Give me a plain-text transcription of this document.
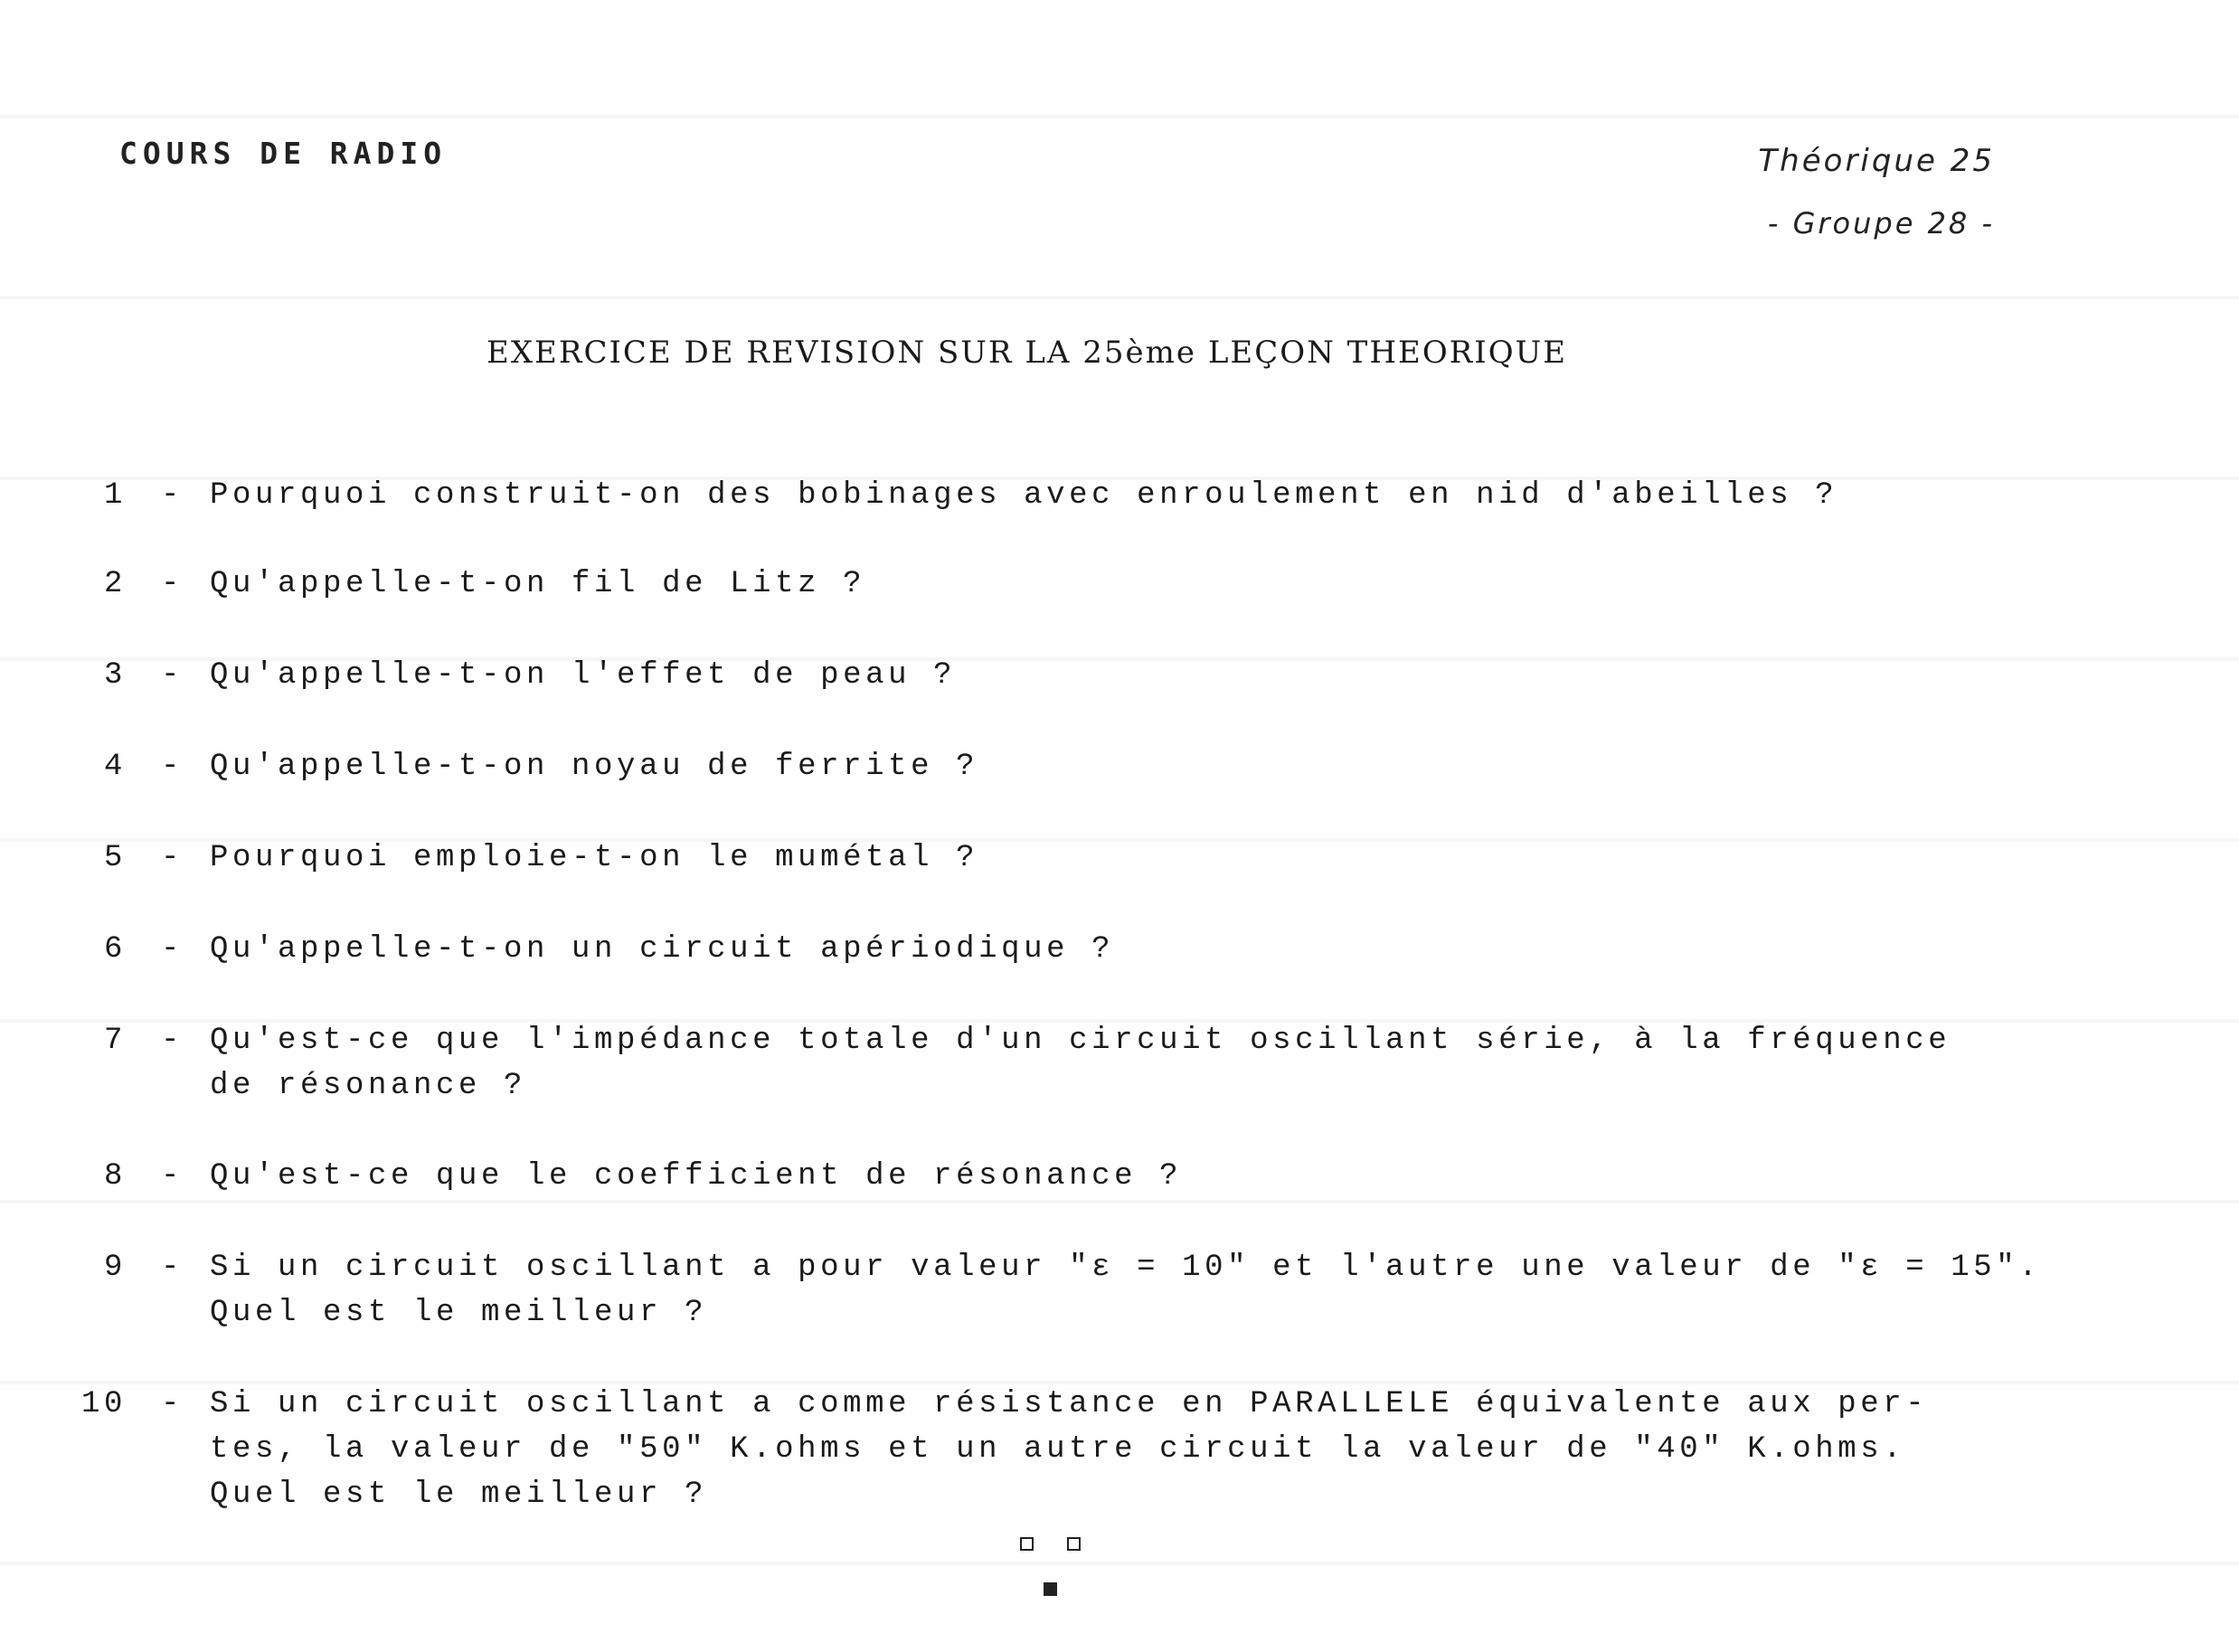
COURS DE RADIO	Théorique 25
- Groupe 28 -
EXERCICE DE REVISION SUR LA 25ème LEÇON THEORIQUE
1 - Pourquoi construit-on des bobinages avec enroulement en nid d'abeilles ?
2 - Qu'appelle-t-on fil de Litz ?
3 - Qu'appelle-t-on l'effet de peau ?
4 - Qu'appelle-t-on noyau de ferrite ?
5 - Pourquoi emploie-t-on le mumétal ?
6 - Qu'appelle-t-on un circuit apériodique ?
7 - Qu'est-ce que l'impédance totale d'un circuit oscillant série, à la fréquence
de résonance ?
8 - Qu'est-ce que le coefficient de résonance ?
9 - Si un circuit oscillant a pour valeur "ε = 10" et l'autre une valeur de "ε = 15".
Quel est le meilleur ?
10 - Si un circuit oscillant a comme résistance en PARALLELE équivalente aux per-
tes, la valeur de "50" K.ohms et un autre circuit la valeur de "40" K.ohms.
Quel est le meilleur ?
